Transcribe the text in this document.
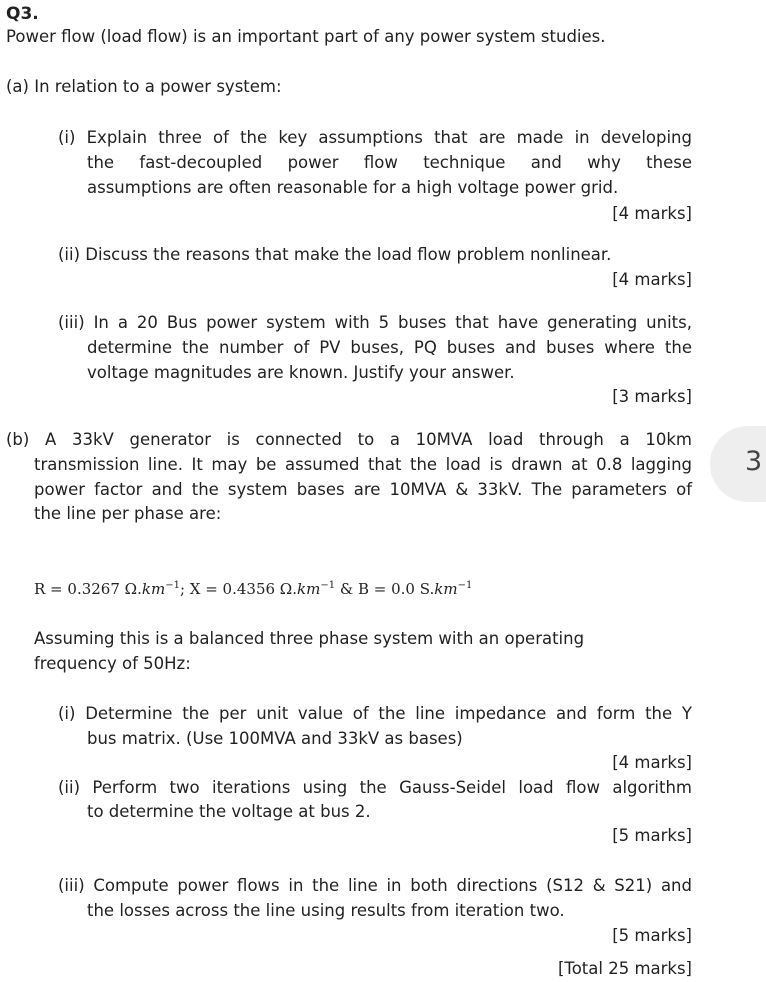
Q3.
Power flow (load flow) is an important part of any power system studies.
(a) In relation to a power system:
(i) Explain three of the key assumptions that are made in developing
the fast-decoupled power flow technique and why these
assumptions are often reasonable for a high voltage power grid.
[4 marks]
(ii) Discuss the reasons that make the load flow problem nonlinear.
[4 marks]
(iii) In a 20 Bus power system with 5 buses that have generating units,
determine the number of PV buses, PQ buses and buses where the
voltage magnitudes are known. Justify your answer.
[3 marks]
(b) A 33kV generator is connected to a 10MVA load through a 10km
transmission line. It may be assumed that the load is drawn at 0.8 lagging
power factor and the system bases are 10MVA & 33kV. The parameters of
the line per phase are:
R = 0.3267 $\Omega.km^{-1}$; X = 0.4356 $\Omega.km^{-1}$ & B = 0.0 $S.km^{-1}$
Assuming this is a balanced three phase system with an operating
frequency of 50Hz:
(i) Determine the per unit value of the line impedance and form the Y
bus matrix. (Use 100MVA and 33kV as bases)
[4 marks]
(ii) Perform two iterations using the Gauss-Seidel load flow algorithm
to determine the voltage at bus 2.
[5 marks]
(iii) Compute power flows in the line in both directions (S12 & S21) and
the losses across the line using results from iteration two.
[5 marks]
[Total 25 marks]
3
